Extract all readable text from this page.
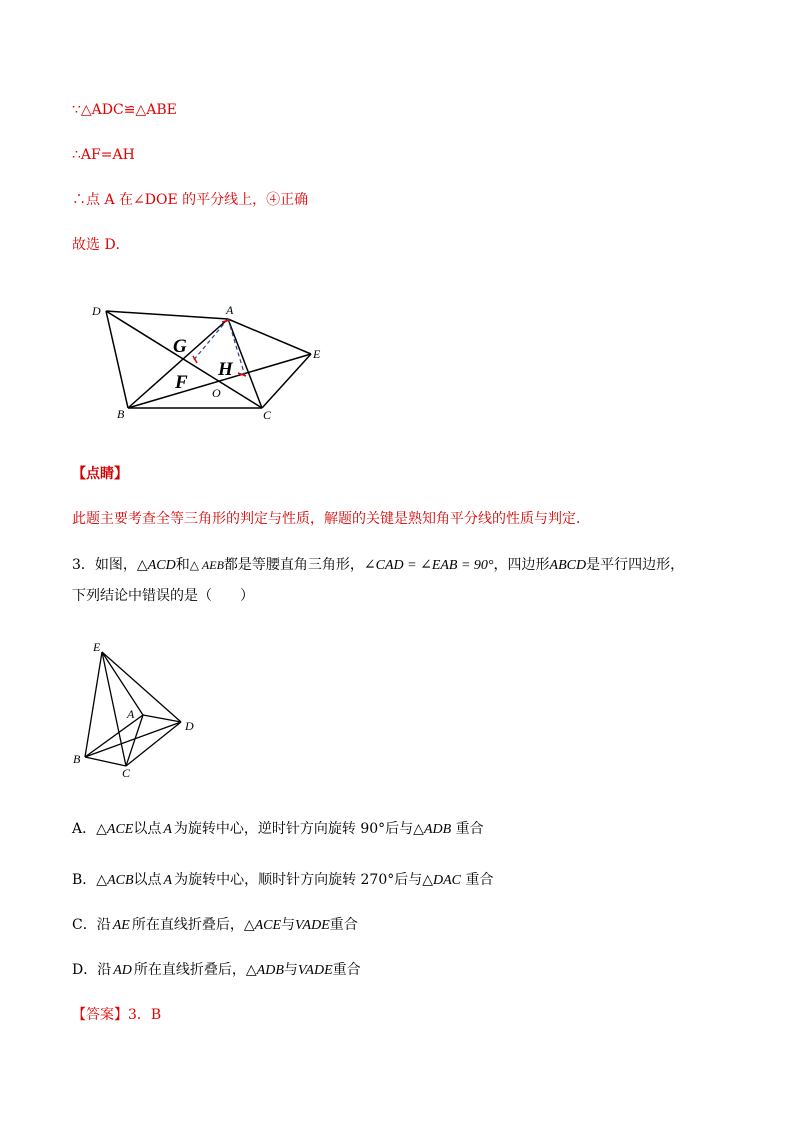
∵△ADC≌△ABE
∴AF=AH
∴点 A 在∠DOE 的平分线上，④正确
故选 D．
D	A
E
B	C
O
G
F
H
【点睛】
此题主要考查全等三角形的判定与性质，解题的关键是熟知角平分线的性质与判定．
3．如图，△ACD和△ AEB都是等腰直角三角形，∠CAD = ∠EAB = 90°，四边形ABCD是平行四边形，
下列结论中错误的是（　　）
E
A
D
B
C
A．△ACE以点 A 为旋转中心，逆时针方向旋转 90°后与△ADB 重合
B．△ACB以点 A 为旋转中心，顺时针方向旋转 270°后与△DAC 重合
C．沿 AE 所在直线折叠后，△ACE与VADE重合
D．沿 AD 所在直线折叠后，△ADB与VADE重合
【答案】3．B
